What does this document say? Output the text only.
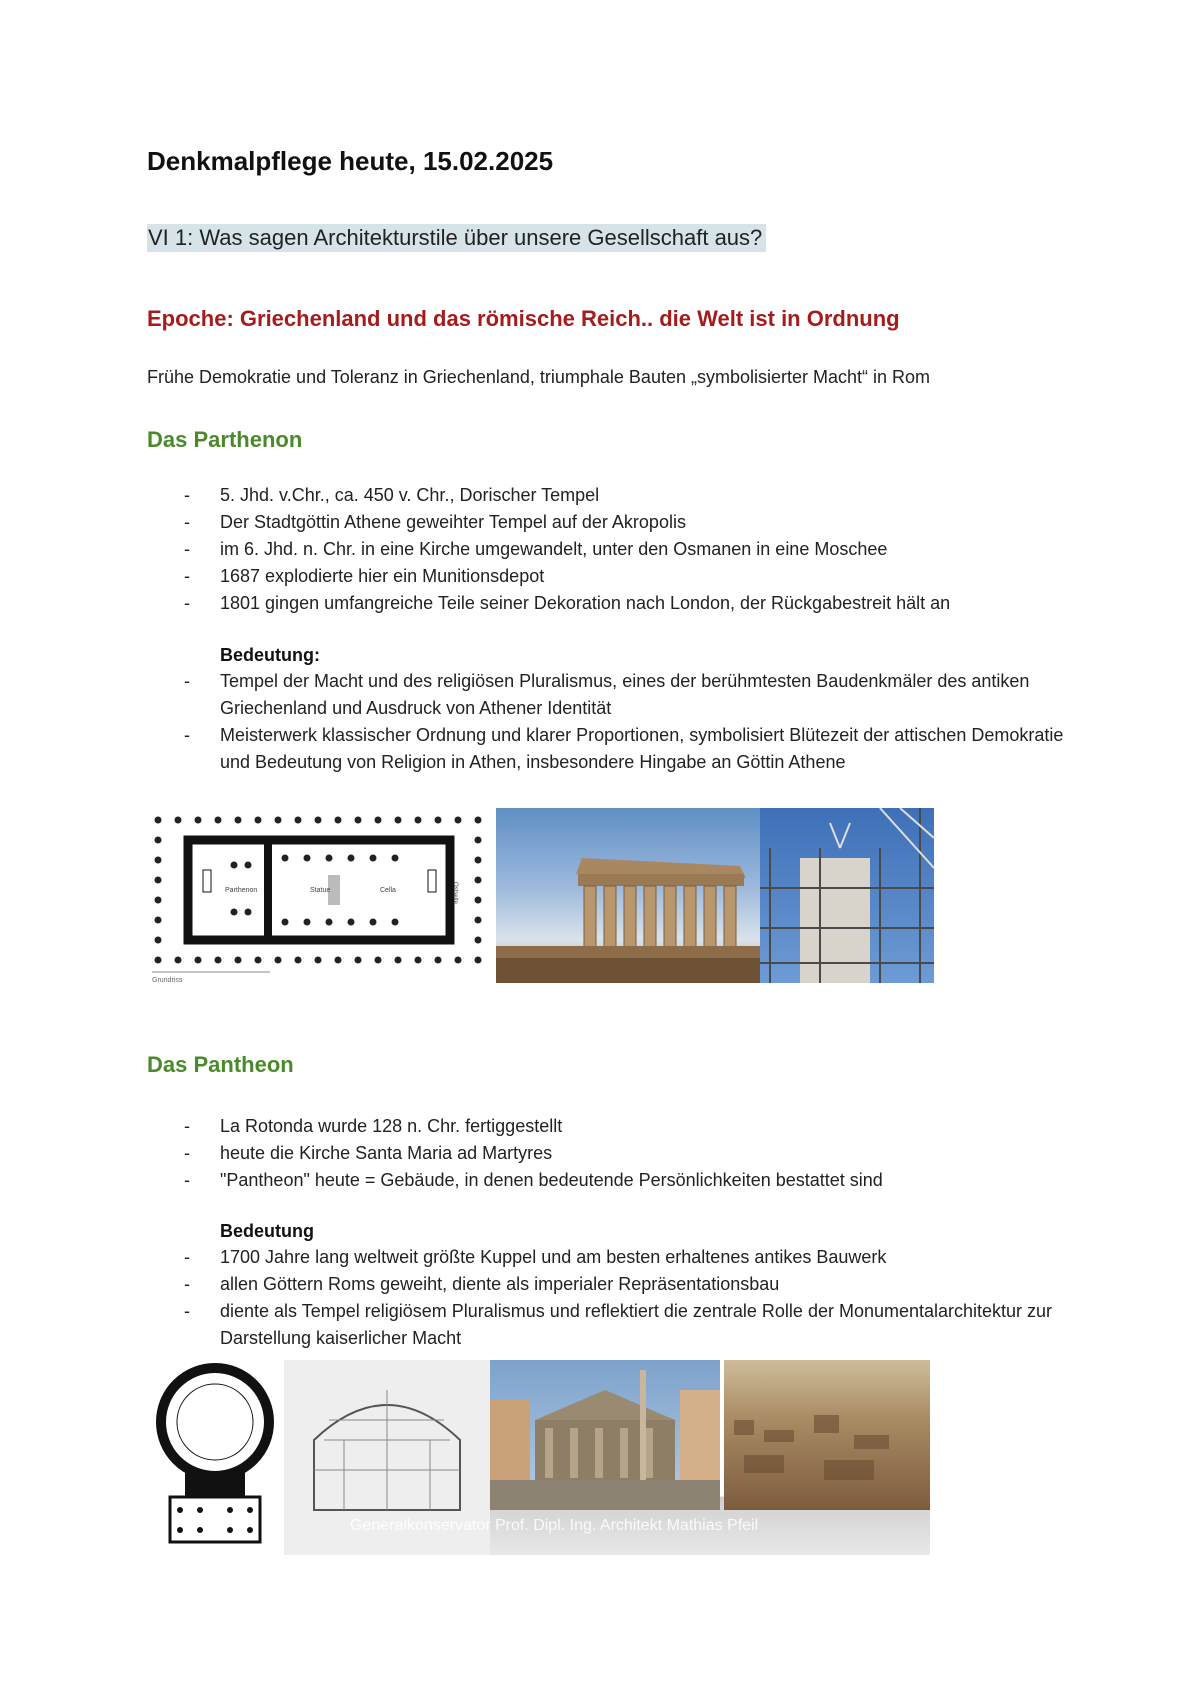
Denkmalpflege heute, 15.02.2025
VI 1: Was sagen Architekturstile über unsere Gesellschaft aus?
Epoche: Griechenland und das römische Reich.. die Welt ist in Ordnung
Frühe Demokratie und Toleranz in Griechenland, triumphale Bauten „symbolisierter Macht“ in Rom
Das Parthenon
- 5. Jhd. v.Chr., ca. 450 v. Chr., Dorischer Tempel
- Der Stadtgöttin Athene geweihter Tempel auf der Akropolis
- im 6. Jhd. n. Chr. in eine Kirche umgewandelt, unter den Osmanen in eine Moschee
- 1687 explodierte hier ein Munitionsdepot
- 1801 gingen umfangreiche Teile seiner Dekoration nach London, der Rückgabestreit hält an
Bedeutung:
- Tempel der Macht und des religiösen Pluralismus, eines der berühmtesten Baudenkmäler des antiken Griechenland und Ausdruck von Athener Identität
- Meisterwerk klassischer Ordnung und klarer Proportionen, symbolisiert Blütezeit der attischen Demokratie und Bedeutung von Religion in Athen, insbesondere Hingabe an Göttin Athene
Parthenon	Statue	Cella	Ostseite
Grundriss
Das Pantheon
- La Rotonda wurde 128 n. Chr. fertiggestellt
- heute die Kirche Santa Maria ad Martyres
- "Pantheon" heute = Gebäude, in denen bedeutende Persönlichkeiten bestattet sind
Bedeutung
- 1700 Jahre lang weltweit größte Kuppel und am besten erhaltenes antikes Bauwerk
- allen Göttern Roms geweiht, diente als imperialer Repräsentationsbau
- diente als Tempel religiösem Pluralismus und reflektiert die zentrale Rolle der Monumentalarchitektur zur Darstellung kaiserlicher Macht
Generalkonservator Prof. Dipl. Ing. Architekt Mathias Pfeil
